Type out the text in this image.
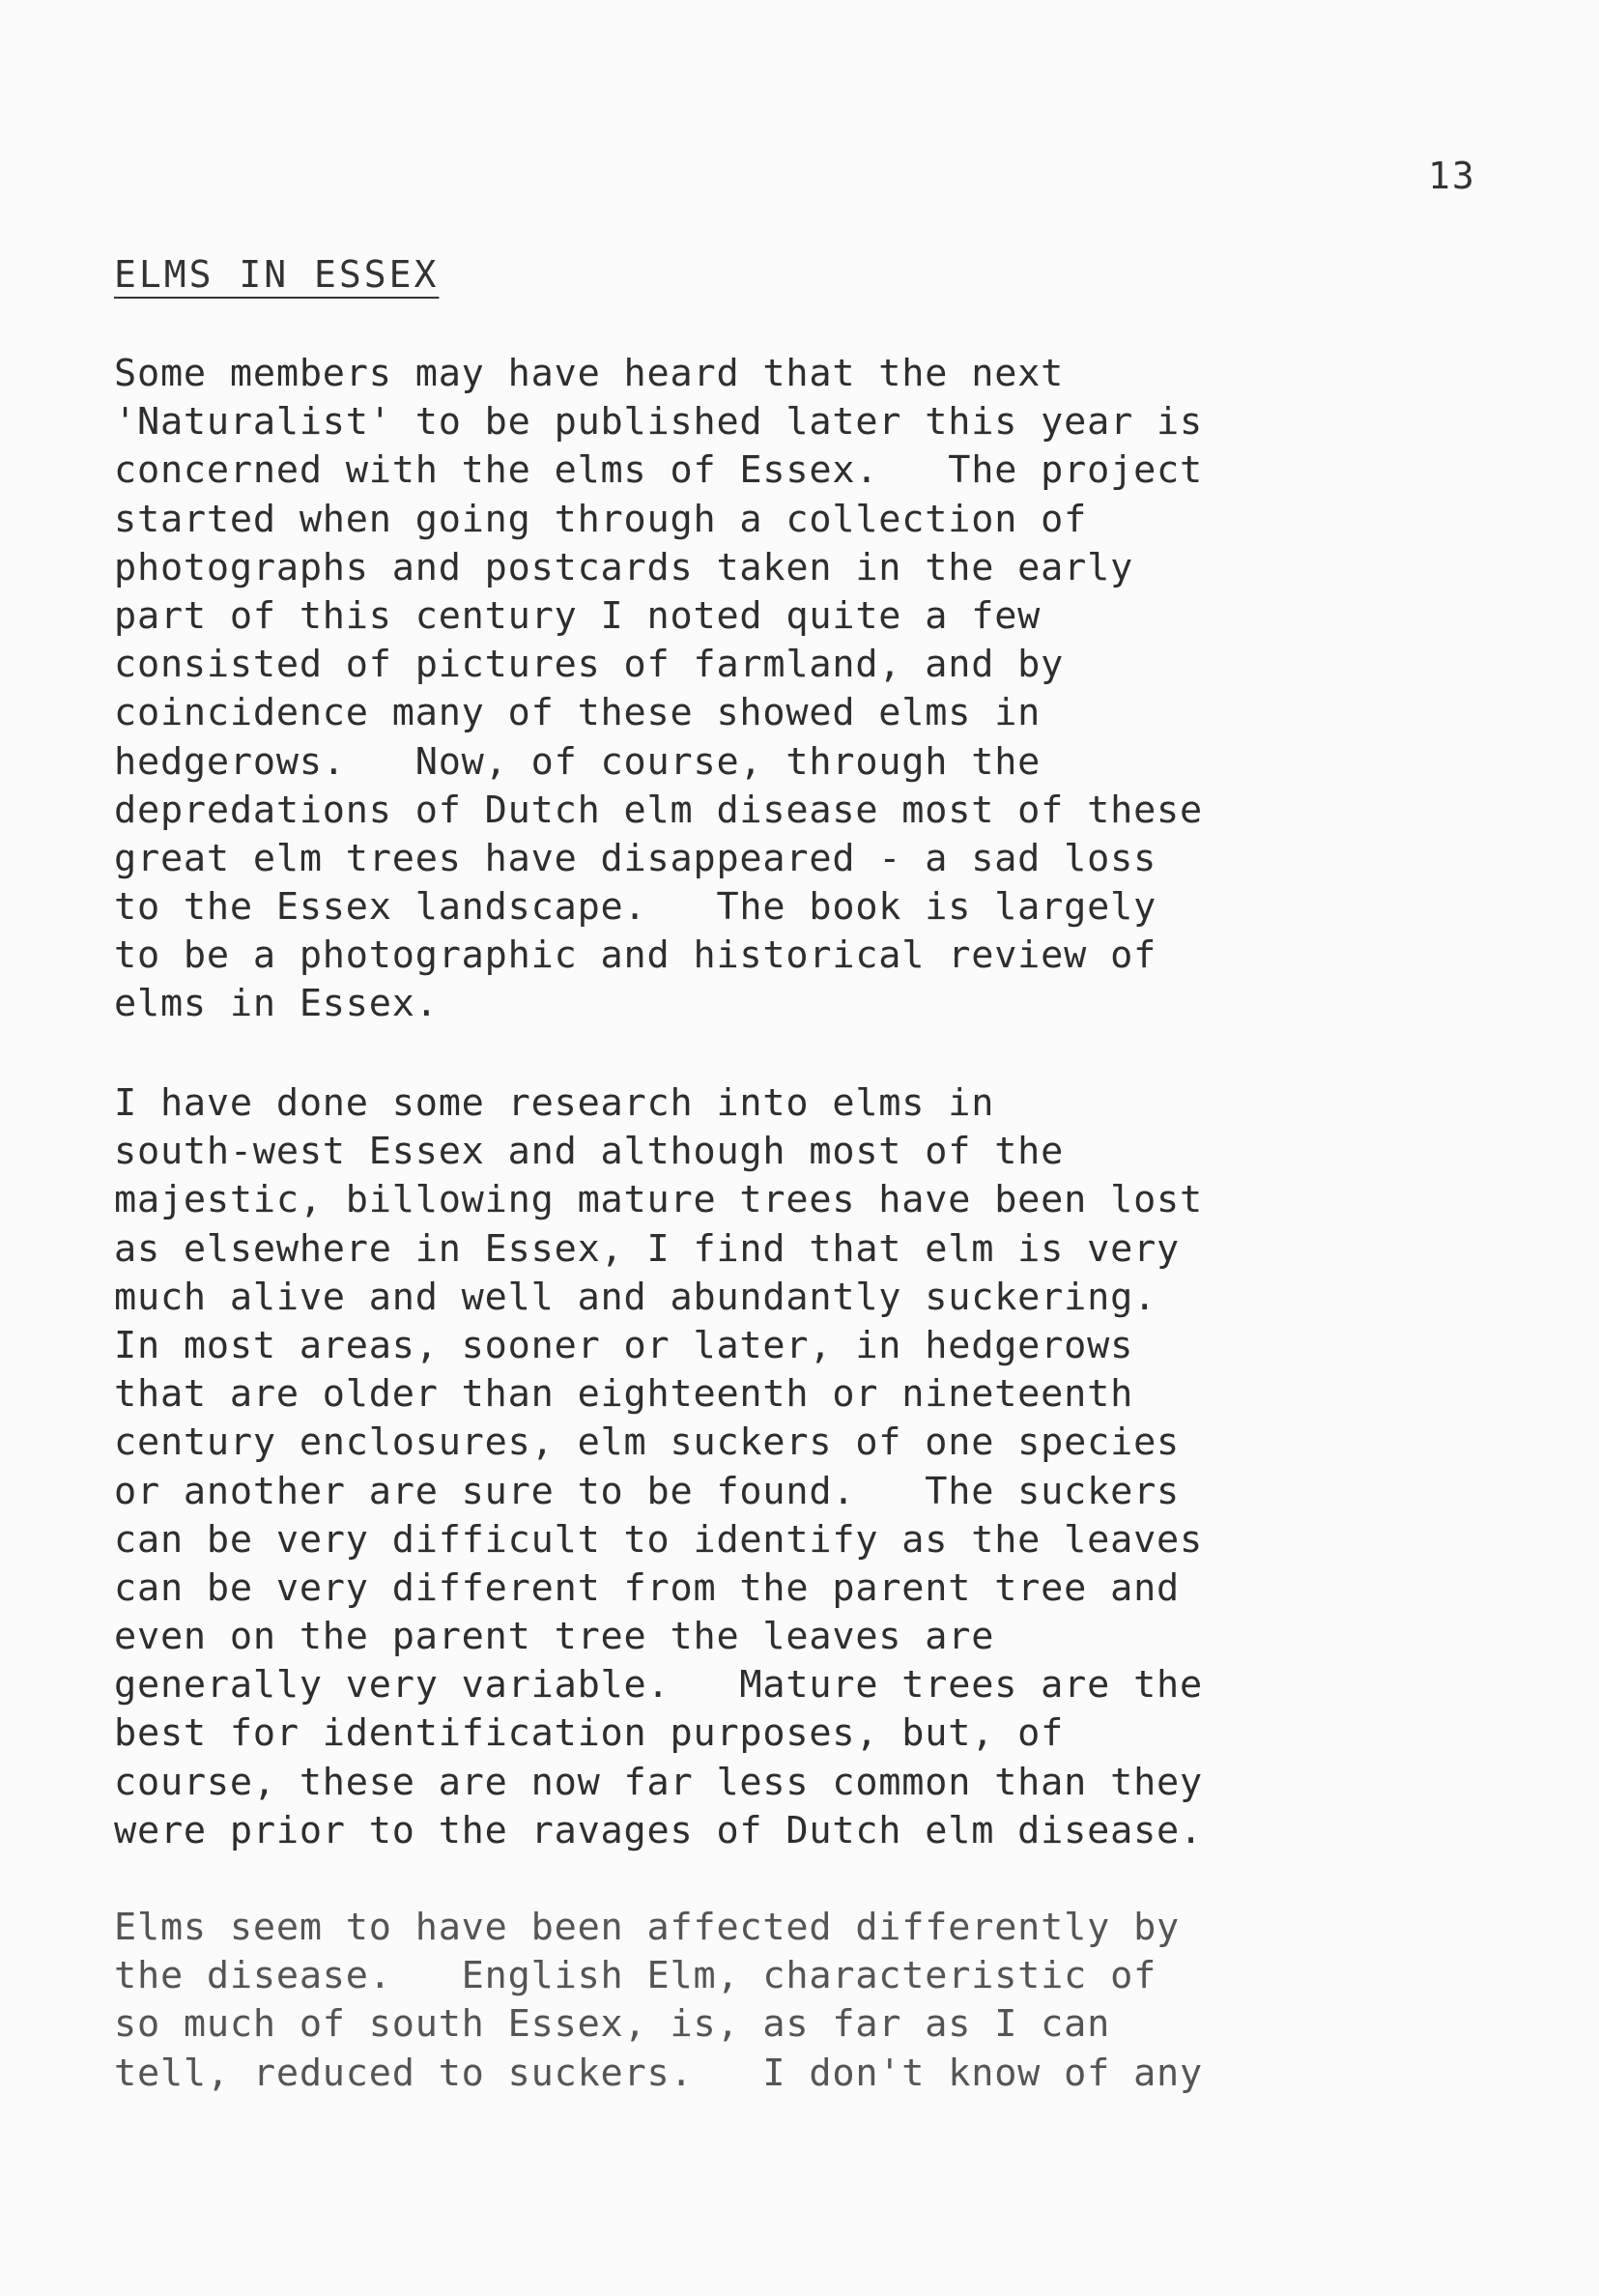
13
ELMS IN ESSEX
Some members may have heard that the next
'Naturalist' to be published later this year is
concerned with the elms of Essex.   The project
started when going through a collection of
photographs and postcards taken in the early
part of this century I noted quite a few
consisted of pictures of farmland, and by
coincidence many of these showed elms in
hedgerows.   Now, of course, through the
depredations of Dutch elm disease most of these
great elm trees have disappeared - a sad loss
to the Essex landscape.   The book is largely
to be a photographic and historical review of
elms in Essex.
I have done some research into elms in
south-west Essex and although most of the
majestic, billowing mature trees have been lost
as elsewhere in Essex, I find that elm is very
much alive and well and abundantly suckering.
In most areas, sooner or later, in hedgerows
that are older than eighteenth or nineteenth
century enclosures, elm suckers of one species
or another are sure to be found.   The suckers
can be very difficult to identify as the leaves
can be very different from the parent tree and
even on the parent tree the leaves are
generally very variable.   Mature trees are the
best for identification purposes, but, of
course, these are now far less common than they
were prior to the ravages of Dutch elm disease.
Elms seem to have been affected differently by
the disease.   English Elm, characteristic of
so much of south Essex, is, as far as I can
tell, reduced to suckers.   I don't know of any
